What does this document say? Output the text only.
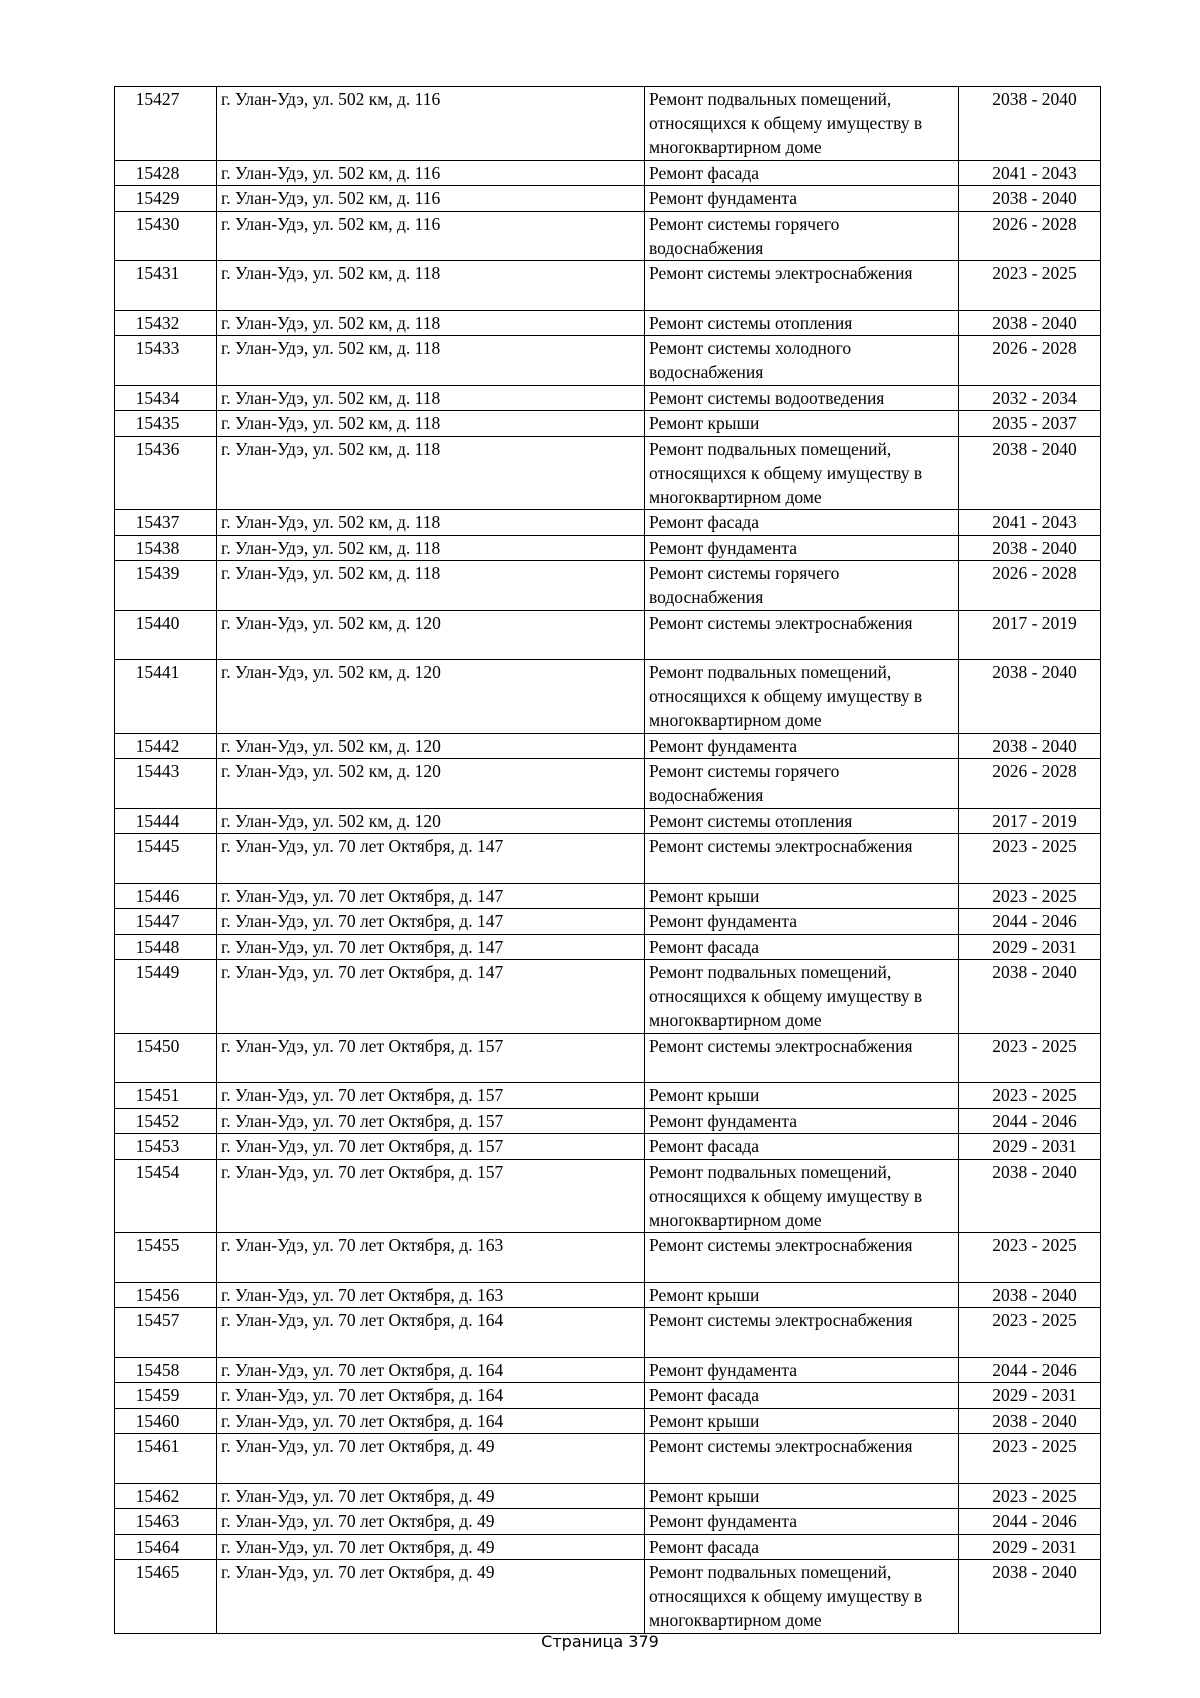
15427	г. Улан-Удэ, ул. 502 км, д. 116	Ремонт подвальных помещений, относящихся к общему имуществу в многоквартирном доме	2038 - 2040
15428	г. Улан-Удэ, ул. 502 км, д. 116	Ремонт фасада	2041 - 2043
15429	г. Улан-Удэ, ул. 502 км, д. 116	Ремонт фундамента	2038 - 2040
15430	г. Улан-Удэ, ул. 502 км, д. 116	Ремонт системы горячего водоснабжения	2026 - 2028
15431	г. Улан-Удэ, ул. 502 км, д. 118	Ремонт системы электроснабжения	2023 - 2025
15432	г. Улан-Удэ, ул. 502 км, д. 118	Ремонт системы отопления	2038 - 2040
15433	г. Улан-Удэ, ул. 502 км, д. 118	Ремонт системы холодного водоснабжения	2026 - 2028
15434	г. Улан-Удэ, ул. 502 км, д. 118	Ремонт системы водоотведения	2032 - 2034
15435	г. Улан-Удэ, ул. 502 км, д. 118	Ремонт крыши	2035 - 2037
15436	г. Улан-Удэ, ул. 502 км, д. 118	Ремонт подвальных помещений, относящихся к общему имуществу в многоквартирном доме	2038 - 2040
15437	г. Улан-Удэ, ул. 502 км, д. 118	Ремонт фасада	2041 - 2043
15438	г. Улан-Удэ, ул. 502 км, д. 118	Ремонт фундамента	2038 - 2040
15439	г. Улан-Удэ, ул. 502 км, д. 118	Ремонт системы горячего водоснабжения	2026 - 2028
15440	г. Улан-Удэ, ул. 502 км, д. 120	Ремонт системы электроснабжения	2017 - 2019
15441	г. Улан-Удэ, ул. 502 км, д. 120	Ремонт подвальных помещений, относящихся к общему имуществу в многоквартирном доме	2038 - 2040
15442	г. Улан-Удэ, ул. 502 км, д. 120	Ремонт фундамента	2038 - 2040
15443	г. Улан-Удэ, ул. 502 км, д. 120	Ремонт системы горячего водоснабжения	2026 - 2028
15444	г. Улан-Удэ, ул. 502 км, д. 120	Ремонт системы отопления	2017 - 2019
15445	г. Улан-Удэ, ул. 70 лет Октября, д. 147	Ремонт системы электроснабжения	2023 - 2025
15446	г. Улан-Удэ, ул. 70 лет Октября, д. 147	Ремонт крыши	2023 - 2025
15447	г. Улан-Удэ, ул. 70 лет Октября, д. 147	Ремонт фундамента	2044 - 2046
15448	г. Улан-Удэ, ул. 70 лет Октября, д. 147	Ремонт фасада	2029 - 2031
15449	г. Улан-Удэ, ул. 70 лет Октября, д. 147	Ремонт подвальных помещений, относящихся к общему имуществу в многоквартирном доме	2038 - 2040
15450	г. Улан-Удэ, ул. 70 лет Октября, д. 157	Ремонт системы электроснабжения	2023 - 2025
15451	г. Улан-Удэ, ул. 70 лет Октября, д. 157	Ремонт крыши	2023 - 2025
15452	г. Улан-Удэ, ул. 70 лет Октября, д. 157	Ремонт фундамента	2044 - 2046
15453	г. Улан-Удэ, ул. 70 лет Октября, д. 157	Ремонт фасада	2029 - 2031
15454	г. Улан-Удэ, ул. 70 лет Октября, д. 157	Ремонт подвальных помещений, относящихся к общему имуществу в многоквартирном доме	2038 - 2040
15455	г. Улан-Удэ, ул. 70 лет Октября, д. 163	Ремонт системы электроснабжения	2023 - 2025
15456	г. Улан-Удэ, ул. 70 лет Октября, д. 163	Ремонт крыши	2038 - 2040
15457	г. Улан-Удэ, ул. 70 лет Октября, д. 164	Ремонт системы электроснабжения	2023 - 2025
15458	г. Улан-Удэ, ул. 70 лет Октября, д. 164	Ремонт фундамента	2044 - 2046
15459	г. Улан-Удэ, ул. 70 лет Октября, д. 164	Ремонт фасада	2029 - 2031
15460	г. Улан-Удэ, ул. 70 лет Октября, д. 164	Ремонт крыши	2038 - 2040
15461	г. Улан-Удэ, ул. 70 лет Октября, д. 49	Ремонт системы электроснабжения	2023 - 2025
15462	г. Улан-Удэ, ул. 70 лет Октября, д. 49	Ремонт крыши	2023 - 2025
15463	г. Улан-Удэ, ул. 70 лет Октября, д. 49	Ремонт фундамента	2044 - 2046
15464	г. Улан-Удэ, ул. 70 лет Октября, д. 49	Ремонт фасада	2029 - 2031
15465	г. Улан-Удэ, ул. 70 лет Октября, д. 49	Ремонт подвальных помещений, относящихся к общему имуществу в многоквартирном доме	2038 - 2040
Страница 379
